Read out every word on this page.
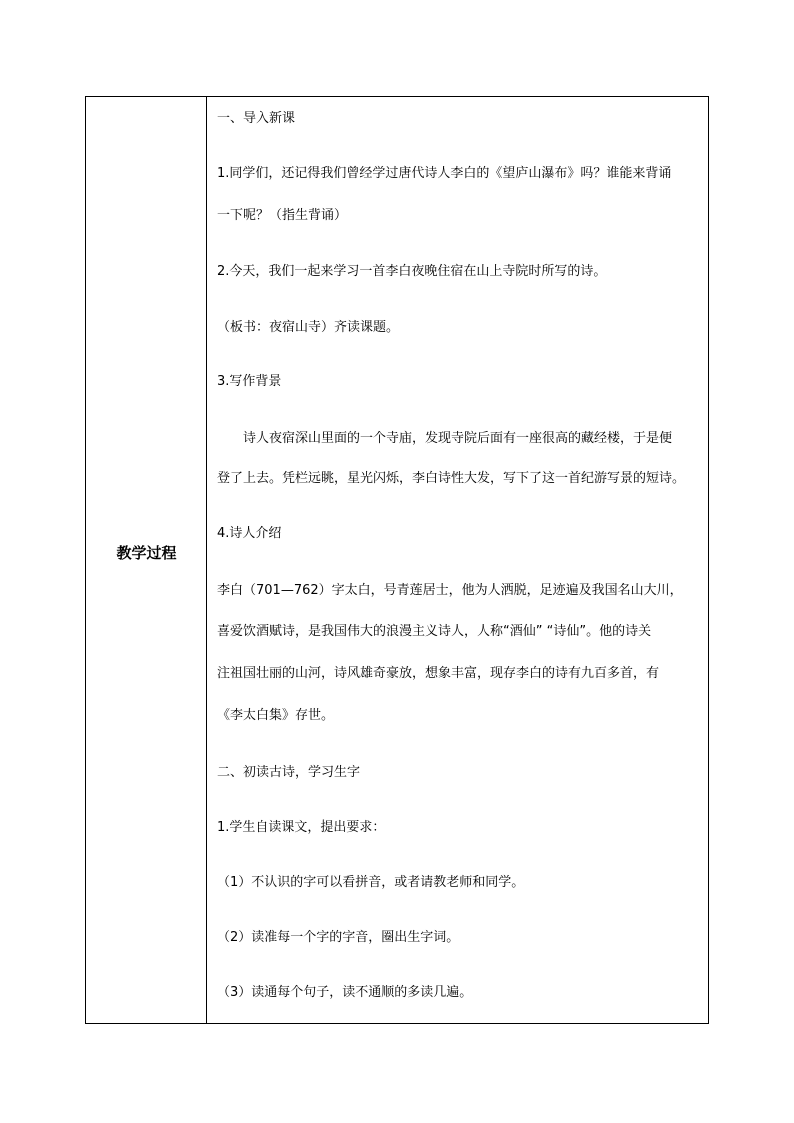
教学过程
一、导入新课
1.同学们，还记得我们曾经学过唐代诗人李白的《望庐山瀑布》吗？谁能来背诵
一下呢？（指生背诵）
2.今天，我们一起来学习一首李白夜晚住宿在山上寺院时所写的诗。
（板书：夜宿山寺）齐读课题。
3.写作背景
诗人夜宿深山里面的一个寺庙，发现寺院后面有一座很高的藏经楼，于是便
登了上去。凭栏远眺，星光闪烁，李白诗性大发，写下了这一首纪游写景的短诗。
4.诗人介绍
李白（701—762）字太白，号青莲居士，他为人洒脱，足迹遍及我国名山大川，
喜爱饮酒赋诗，是我国伟大的浪漫主义诗人，人称“酒仙” “诗仙”。他的诗关
注祖国壮丽的山河，诗风雄奇豪放，想象丰富，现存李白的诗有九百多首，有
《李太白集》存世。
二、初读古诗，学习生字
1.学生自读课文，提出要求：
（1）不认识的字可以看拼音，或者请教老师和同学。
（2）读准每一个字的字音，圈出生字词。
（3）读通每个句子，读不通顺的多读几遍。
